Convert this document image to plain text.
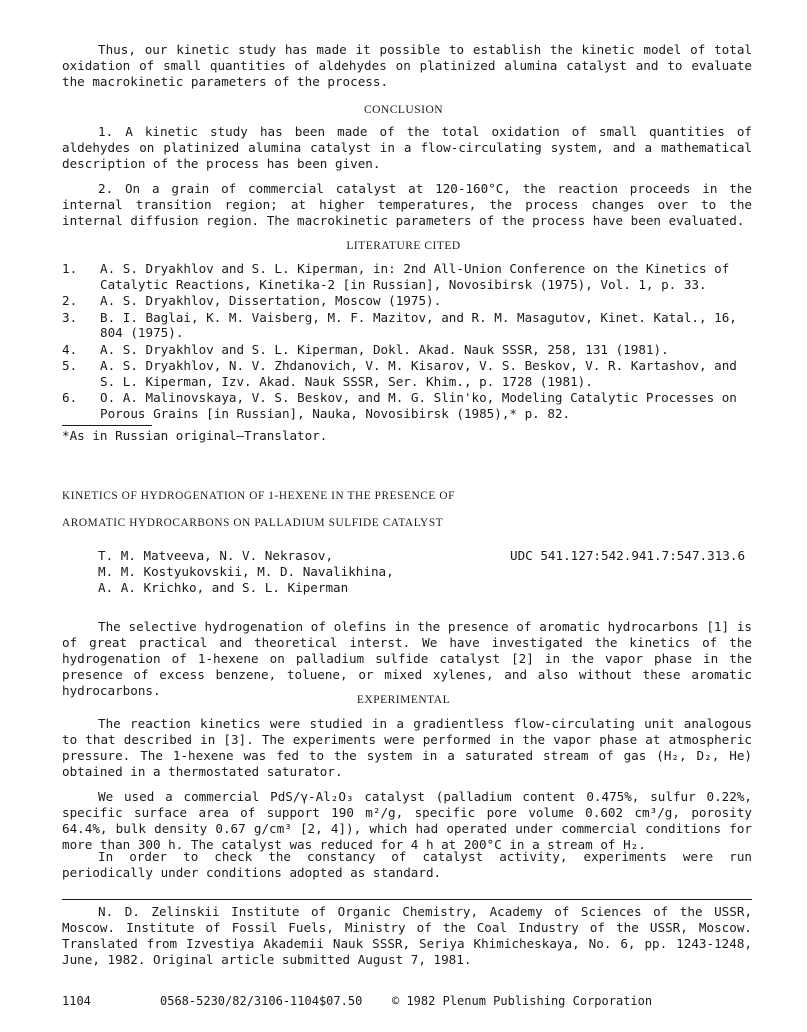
Thus, our kinetic study has made it possible to establish the kinetic model of total oxidation of small quantities of aldehydes on platinized alumina catalyst and to evaluate the macrokinetic parameters of the process.

CONCLUSION

1. A kinetic study has been made of the total oxidation of small quantities of aldehydes on platinized alumina catalyst in a flow-circulating system, and a mathematical description of the process has been given.

2. On a grain of commercial catalyst at 120-160°C, the reaction proceeds in the internal transition region; at higher temperatures, the process changes over to the internal diffusion region. The macrokinetic parameters of the process have been evaluated.

LITERATURE CITED
1. A. S. Dryakhlov and S. L. Kiperman, in: 2nd All-Union Conference on the Kinetics of Catalytic Reactions, Kinetika-2 [in Russian], Novosibirsk (1975), Vol. 1, p. 33.
2. A. S. Dryakhlov, Dissertation, Moscow (1975).
3. B. I. Baglai, K. M. Vaisberg, M. F. Mazitov, and R. M. Masagutov, Kinet. Katal., 16, 804 (1975).
4. A. S. Dryakhlov and S. L. Kiperman, Dokl. Akad. Nauk SSSR, 258, 131 (1981).
5. A. S. Dryakhlov, N. V. Zhdanovich, V. M. Kisarov, V. S. Beskov, V. R. Kartashov, and S. L. Kiperman, Izv. Akad. Nauk SSSR, Ser. Khim., p. 1728 (1981).
6. O. A. Malinovskaya, V. S. Beskov, and M. G. Slin'ko, Modeling Catalytic Processes on Porous Grains [in Russian], Nauka, Novosibirsk (1985),* p. 82.
*As in Russian original—Translator.
KINETICS OF HYDROGENATION OF 1-HEXENE IN THE PRESENCE OF
AROMATIC HYDROCARBONS ON PALLADIUM SULFIDE CATALYST
T. M. Matveeva, N. V. Nekrasov,
M. M. Kostyukovskii, M. D. Navalikhina,
A. A. Krichko, and S. L. Kiperman
UDC 541.127:542.941.7:547.313.6

The selective hydrogenation of olefins in the presence of aromatic hydrocarbons [1] is of great practical and theoretical interst. We have investigated the kinetics of the hydrogenation of 1-hexene on palladium sulfide catalyst [2] in the vapor phase in the presence of excess benzene, toluene, or mixed xylenes, and also without these aromatic hydrocarbons.

EXPERIMENTAL

The reaction kinetics were studied in a gradientless flow-circulating unit analogous to that described in [3]. The experiments were performed in the vapor phase at atmospheric pressure. The 1-hexene was fed to the system in a saturated stream of gas (H₂, D₂, He) obtained in a thermostated saturator.

We used a commercial PdS/γ-Al₂O₃ catalyst (palladium content 0.475%, sulfur 0.22%, specific surface area of support 190 m²/g, specific pore volume 0.602 cm³/g, porosity 64.4%, bulk density 0.67 g/cm³ [2, 4]), which had operated under commercial conditions for more than 300 h. The catalyst was reduced for 4 h at 200°C in a stream of H₂.

In order to check the constancy of catalyst activity, experiments were run periodically under conditions adopted as standard.

N. D. Zelinskii Institute of Organic Chemistry, Academy of Sciences of the USSR, Moscow. Institute of Fossil Fuels, Ministry of the Coal Industry of the USSR, Moscow. Translated from Izvestiya Akademii Nauk SSSR, Seriya Khimicheskaya, No. 6, pp. 1243-1248, June, 1982. Original article submitted August 7, 1981.

1104	0568-5230/82/3106-1104$07.50 © 1982 Plenum Publishing Corporation
